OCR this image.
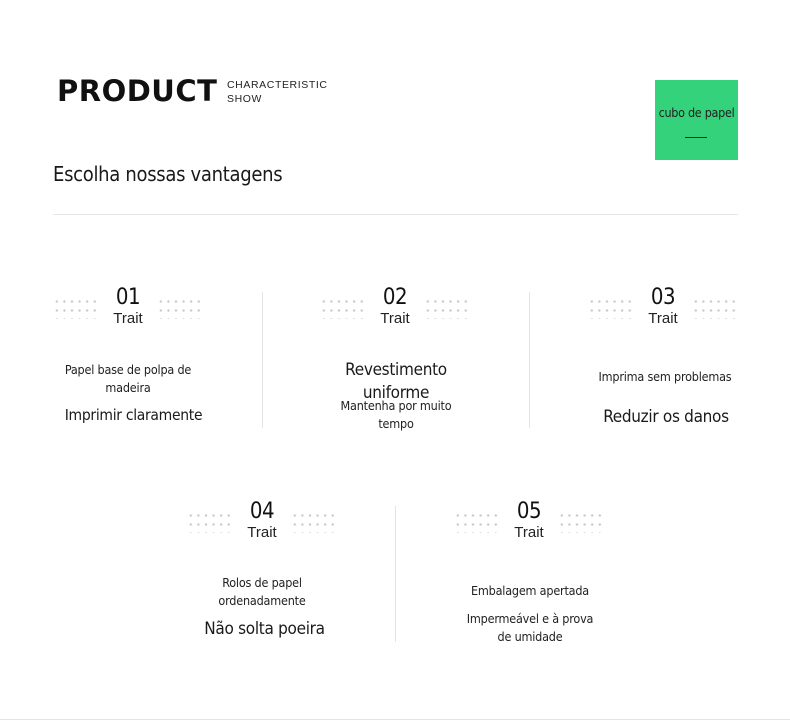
PRODUCT CHARACTERISTIC
SHOW
cubo de papel
Escolha nossas vantagens
01
Trait
Papel base de polpa de madeira
Imprimir claramente
02
Trait
Revestimento uniforme
Mantenha por muito tempo
03
Trait
Imprima sem problemas
Reduzir os danos
04
Trait
Rolos de papel ordenadamente
Não solta poeira
05
Trait
Embalagem apertada
Impermeável e à prova de umidade
